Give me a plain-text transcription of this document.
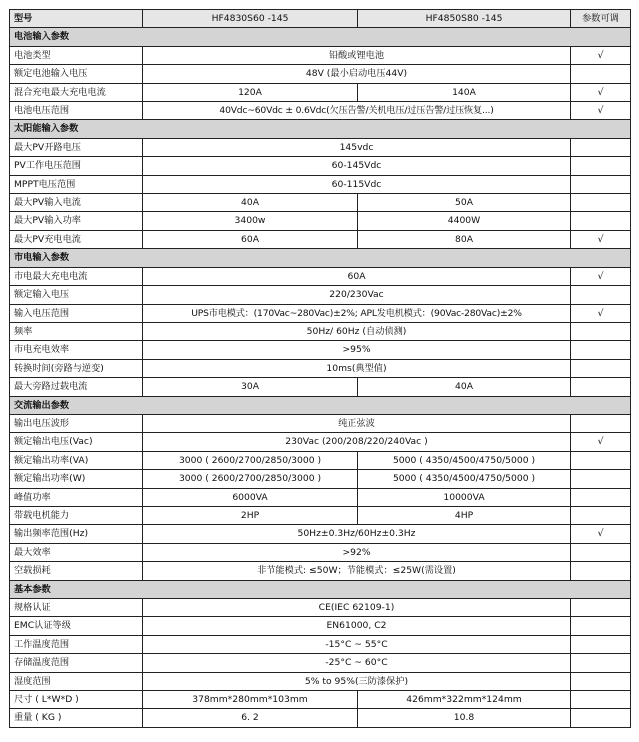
型号	HF4830S60 -145	HF4850S80 -145	参数可调
电池输入参数			
电池类型	铅酸或锂电池		√
额定电池输入电压	48V (最小启动电压44V)		
混合充电最大充电电流	120A	140A	√
电池电压范围	40Vdc~60Vdc ± 0.6Vdc(欠压告警/关机电压/过压告警/过压恢复...)		√
太阳能输入参数			
最大PV开路电压	145vdc		
PV工作电压范围	60-145Vdc		
MPPT电压范围	60-115Vdc		
最大PV输入电流	40A	50A	
最大PV输入功率	3400w	4400W	
最大PV充电电流	60A	80A	√
市电输入参数			
市电最大充电电流	60A		√
额定输入电压	220/230Vac		
输入电压范围	UPS市电模式：(170Vac~280Vac)±2%; APL发电机模式：(90Vac-280Vac)±2%		√
频率	50Hz/ 60Hz (自动侦测)		
市电充电效率	>95%		
转换时间(旁路与逆变)	10ms(典型值)		
最大旁路过载电流	30A	40A	
交流输出参数			
输出电压波形	纯正弦波		
额定输出电压(Vac)	230Vac (200/208/220/240Vac )		√
额定输出功率(VA)	3000 ( 2600/2700/2850/3000 )	5000 ( 4350/4500/4750/5000 )	
额定输出功率(W)	3000 ( 2600/2700/2850/3000 )	5000 ( 4350/4500/4750/5000 )	
峰值功率	6000VA	10000VA	
带载电机能力	2HP	4HP	
输出频率范围(Hz)	50Hz±0.3Hz/60Hz±0.3Hz		√
最大效率	>92%		
空载损耗	非节能模式: ≤50W；节能模式：≤25W(需设置)		
基本参数			
规格认证	CE(IEC 62109-1)		
EMC认证等级	EN61000, C2		
工作温度范围	-15°C ~ 55°C		
存储温度范围	-25°C ~ 60°C		
湿度范围	5% to 95%(三防漆保护)		
尺寸 ( L*W*D )	378mm*280mm*103mm	426mm*322mm*124mm	
重量 ( KG )	6. 2	10.8	
